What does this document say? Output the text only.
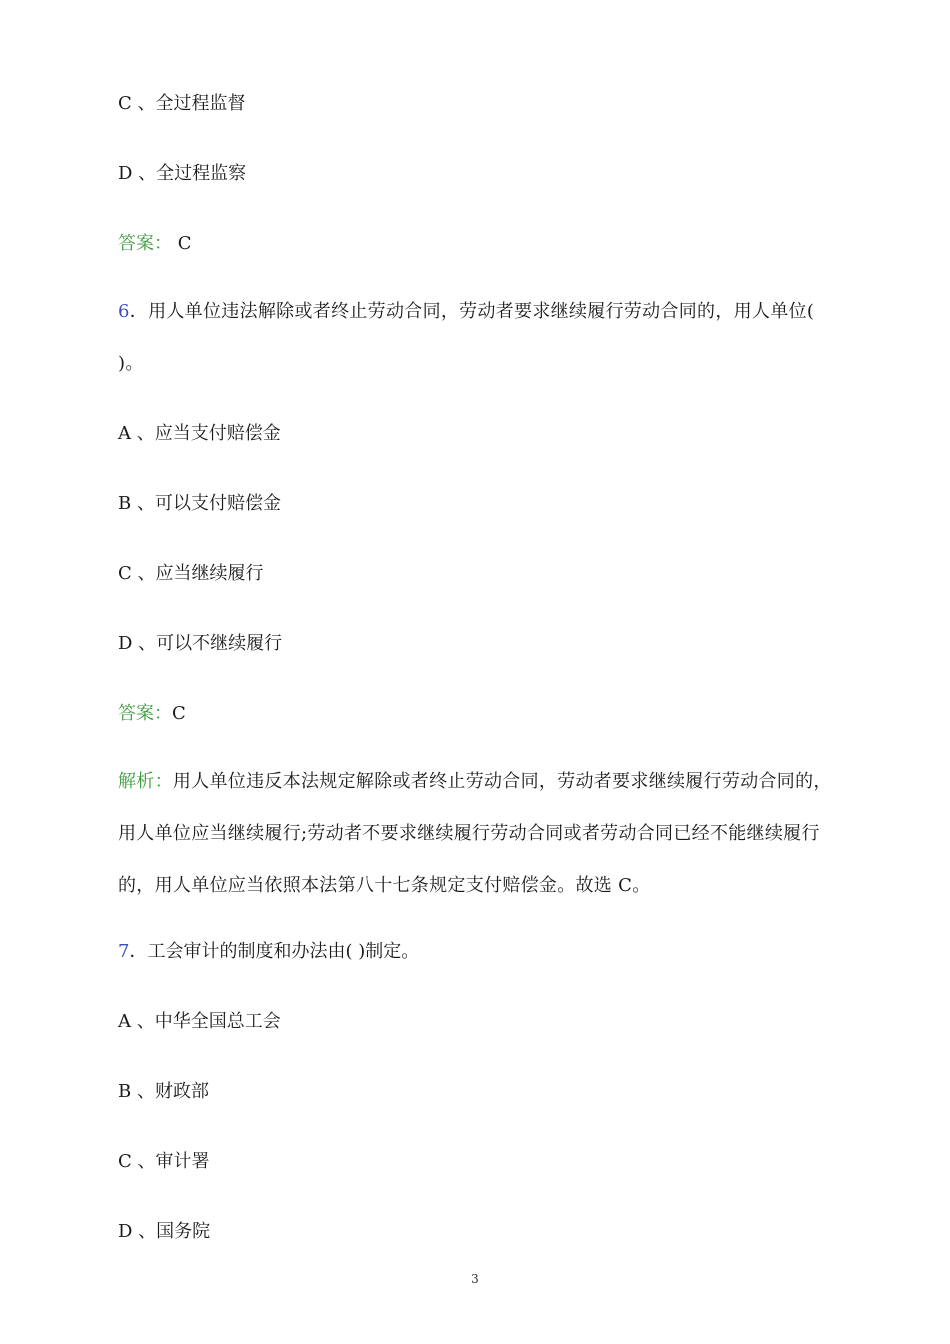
C 、全过程监督
D 、全过程监察
答案： C
6．用人单位违法解除或者终止劳动合同，劳动者要求继续履行劳动合同的，用人单位( )。
A 、应当支付赔偿金
B 、可以支付赔偿金
C 、应当继续履行
D 、可以不继续履行
答案：C
解析：用人单位违反本法规定解除或者终止劳动合同，劳动者要求继续履行劳动合同的，用人单位应当继续履行;劳动者不要求继续履行劳动合同或者劳动合同已经不能继续履行的，用人单位应当依照本法第八十七条规定支付赔偿金。故选 C。
7．工会审计的制度和办法由( )制定。
A 、中华全国总工会
B 、财政部
C 、审计署
D 、国务院
3
